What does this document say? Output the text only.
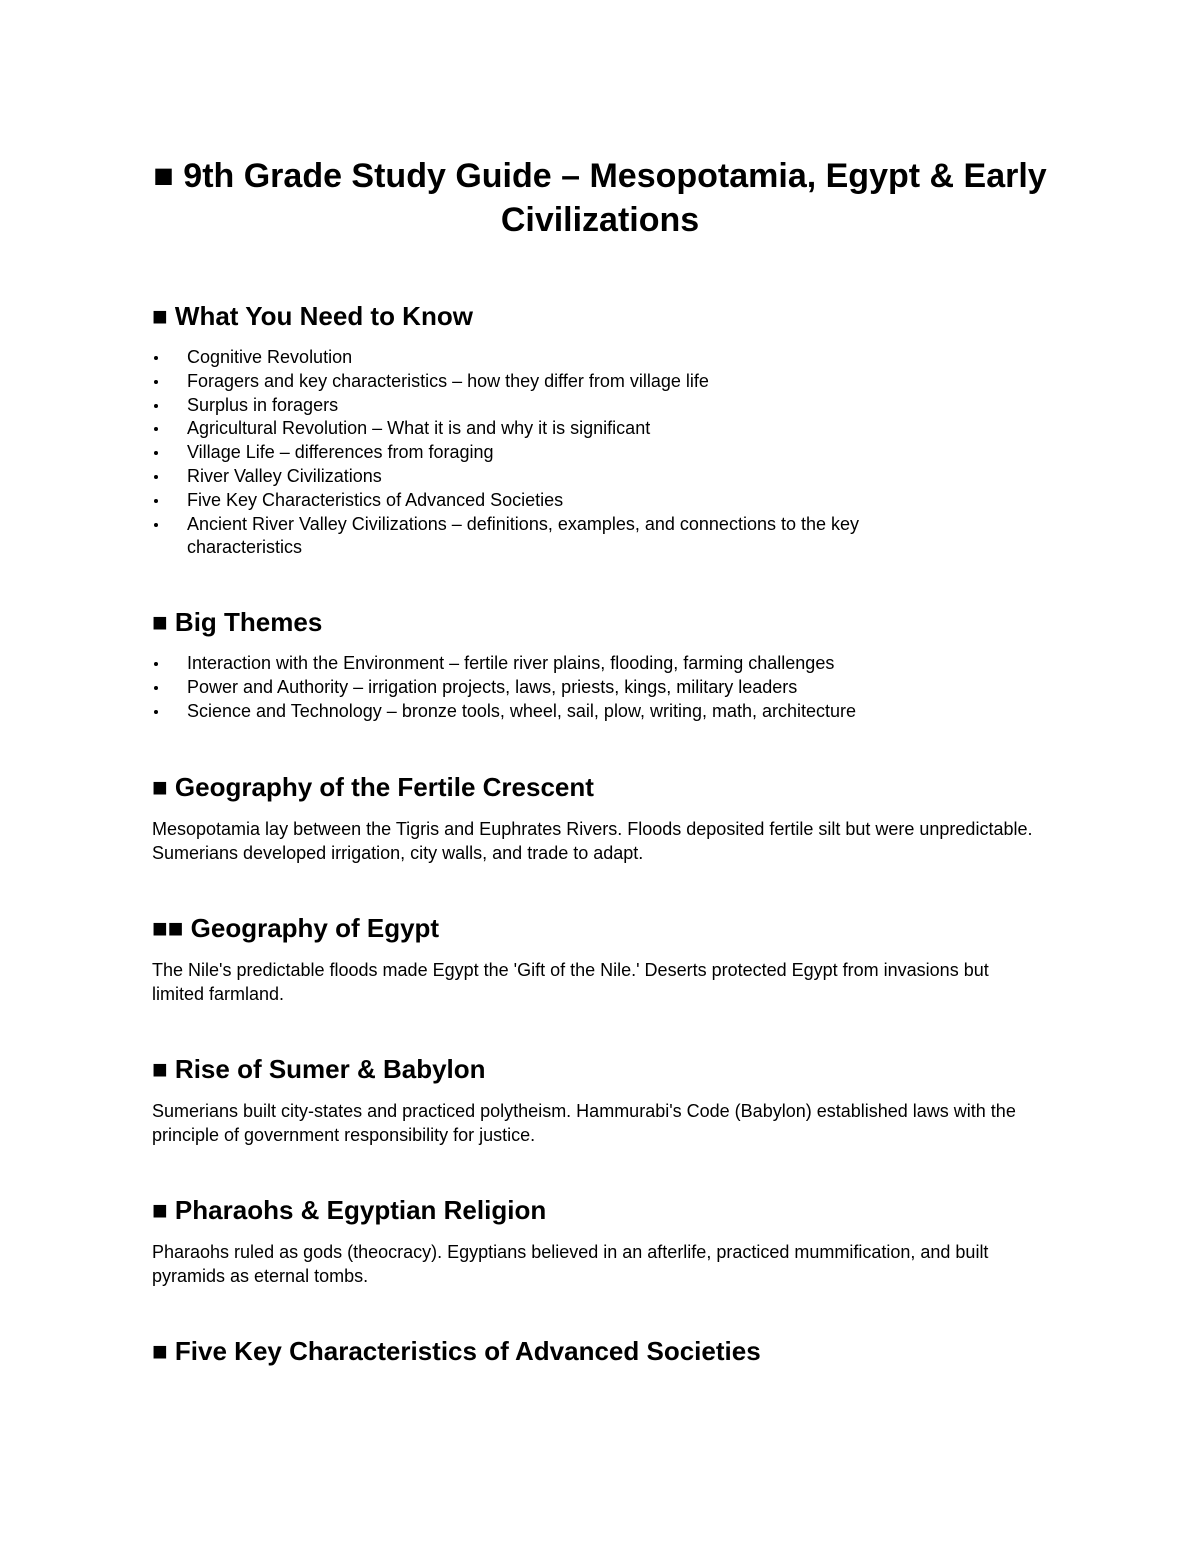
■ 9th Grade Study Guide – Mesopotamia, Egypt & Early Civilizations
■ What You Need to Know
Cognitive Revolution
Foragers and key characteristics – how they differ from village life
Surplus in foragers
Agricultural Revolution – What it is and why it is significant
Village Life – differences from foraging
River Valley Civilizations
Five Key Characteristics of Advanced Societies
Ancient River Valley Civilizations – definitions, examples, and connections to the key characteristics
■ Big Themes
Interaction with the Environment – fertile river plains, flooding, farming challenges
Power and Authority – irrigation projects, laws, priests, kings, military leaders
Science and Technology – bronze tools, wheel, sail, plow, writing, math, architecture
■ Geography of the Fertile Crescent

Mesopotamia lay between the Tigris and Euphrates Rivers. Floods deposited fertile silt but were unpredictable. Sumerians developed irrigation, city walls, and trade to adapt.

■■ Geography of Egypt

The Nile's predictable floods made Egypt the 'Gift of the Nile.' Deserts protected Egypt from invasions but limited farmland.

■ Rise of Sumer & Babylon

Sumerians built city-states and practiced polytheism. Hammurabi's Code (Babylon) established laws with the principle of government responsibility for justice.

■ Pharaohs & Egyptian Religion

Pharaohs ruled as gods (theocracy). Egyptians believed in an afterlife, practiced mummification, and built pyramids as eternal tombs.

■ Five Key Characteristics of Advanced Societies
